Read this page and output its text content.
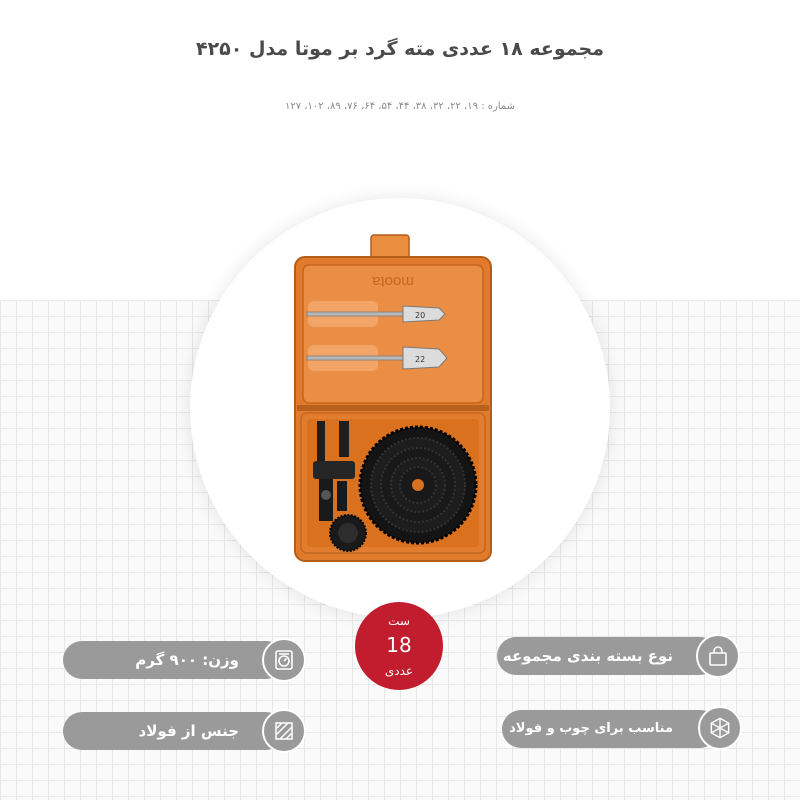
مجموعه ۱۸ عددی مته گرد بر موتا مدل ۴۲۵۰
شماره : ۱۹، ۲۲، ۳۲، ۳۸، ۴۴، ۵۴، ۶۴، ۷۶، ۸۹، ۱۰۲، ۱۲۷
moota
20
22
ست
18
عددی
وزن: ۹۰۰ گرم
جنس از فولاد
نوع بسته بندی مجموعه
مناسب برای چوب و فولاد
